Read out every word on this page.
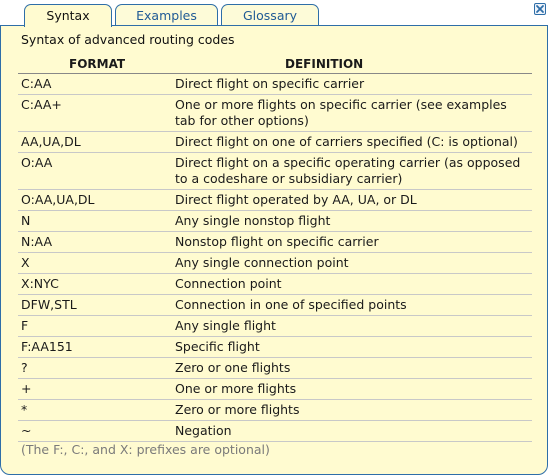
Syntax	Examples	Glossary
Syntax of advanced routing codes
FORMAT	DEFINITION
C:AA	Direct flight on specific carrier
C:AA+	One or more flights on specific carrier (see examples tab for other options)
AA,UA,DL	Direct flight on one of carriers specified (C: is optional)
O:AA	Direct flight on a specific operating carrier (as opposed to a codeshare or subsidiary carrier)
O:AA,UA,DL	Direct flight operated by AA, UA, or DL
N	Any single nonstop flight
N:AA	Nonstop flight on specific carrier
X	Any single connection point
X:NYC	Connection point
DFW,STL	Connection in one of specified points
F	Any single flight
F:AA151	Specific flight
?	Zero or one flights
+	One or more flights
*	Zero or more flights
~	Negation
(The F:, C:, and X: prefixes are optional)
